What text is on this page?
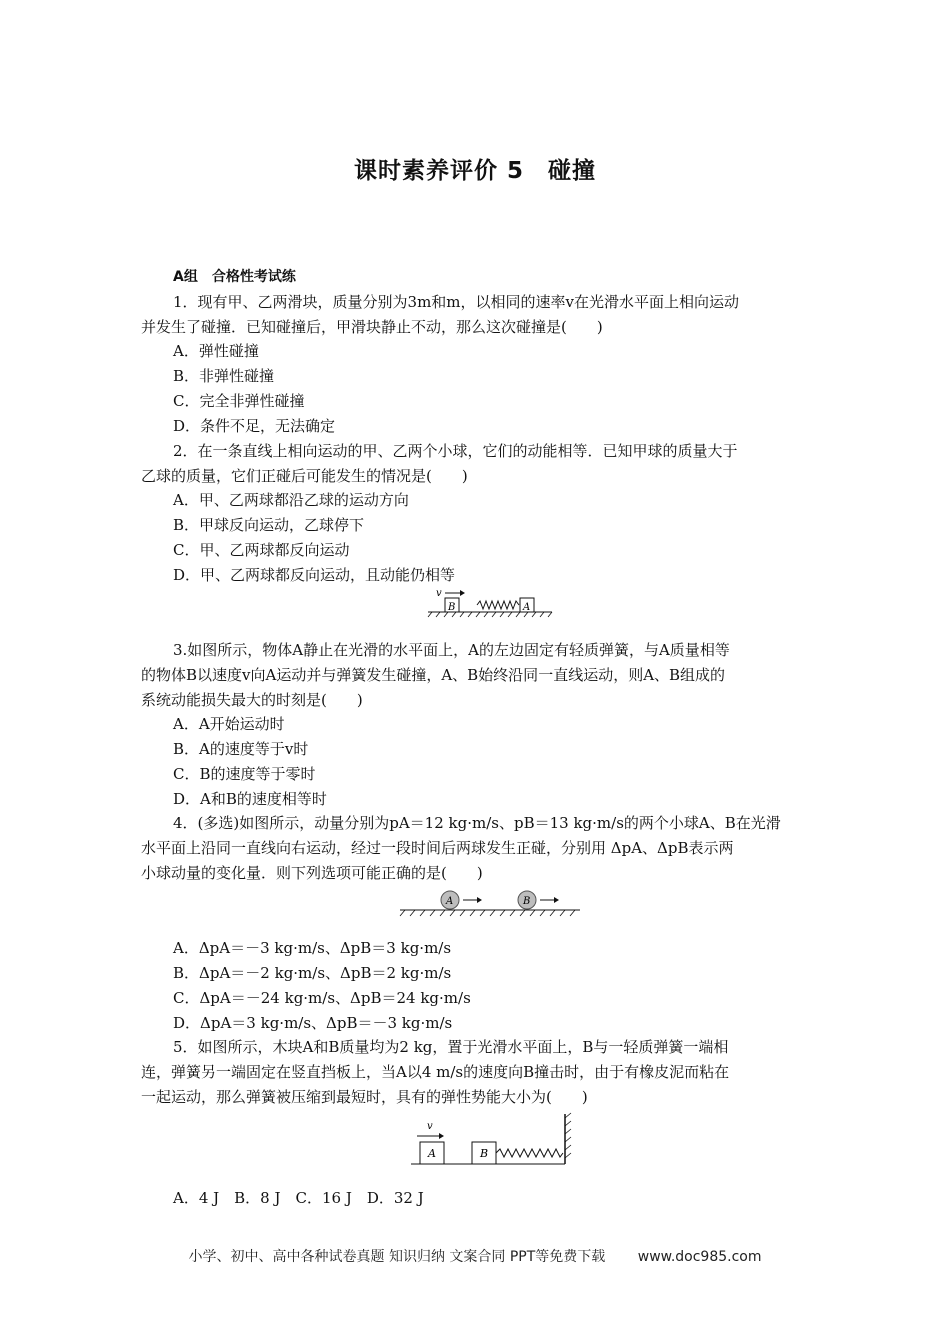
课时素养评价 5　碰撞
A组　合格性考试练
1．现有甲、乙两滑块，质量分别为3m和m，以相同的速率v在光滑水平面上相向运动
并发生了碰撞．已知碰撞后，甲滑块静止不动，那么这次碰撞是(　　)
A．弹性碰撞
B．非弹性碰撞
C．完全非弹性碰撞
D．条件不足，无法确定
2．在一条直线上相向运动的甲、乙两个小球，它们的动能相等．已知甲球的质量大于
乙球的质量，它们正碰后可能发生的情况是(　　)
A．甲、乙两球都沿乙球的运动方向
B．甲球反向运动，乙球停下
C．甲、乙两球都反向运动
D．甲、乙两球都反向运动，且动能仍相等
v
B	A
3.如图所示，物体A静止在光滑的水平面上，A的左边固定有轻质弹簧，与A质量相等
的物体B以速度v向A运动并与弹簧发生碰撞，A、B始终沿同一直线运动，则A、B组成的
系统动能损失最大的时刻是(　　)
A．A开始运动时
B．A的速度等于v时
C．B的速度等于零时
D．A和B的速度相等时
4．(多选)如图所示，动量分别为pA＝12 kg·m/s、pB＝13 kg·m/s的两个小球A、B在光滑
水平面上沿同一直线向右运动，经过一段时间后两球发生正碰，分别用 ΔpA、ΔpB表示两
小球动量的变化量．则下列选项可能正确的是(　　)
A	B
A．ΔpA＝－3 kg·m/s、ΔpB＝3 kg·m/s
B．ΔpA＝－2 kg·m/s、ΔpB＝2 kg·m/s
C．ΔpA＝－24 kg·m/s、ΔpB＝24 kg·m/s
D．ΔpA＝3 kg·m/s、ΔpB＝－3 kg·m/s
5．如图所示，木块A和B质量均为2 kg，置于光滑水平面上，B与一轻质弹簧一端相
连，弹簧另一端固定在竖直挡板上，当A以4 m/s的速度向B撞击时，由于有橡皮泥而粘在
一起运动，那么弹簧被压缩到最短时，具有的弹性势能大小为(　　)
v
A	B
A．4 J　B．8 J　C．16 J　D．32 J
小学、初中、高中各种试卷真题 知识归纳 文案合同 PPT等免费下载 www.doc985.com
